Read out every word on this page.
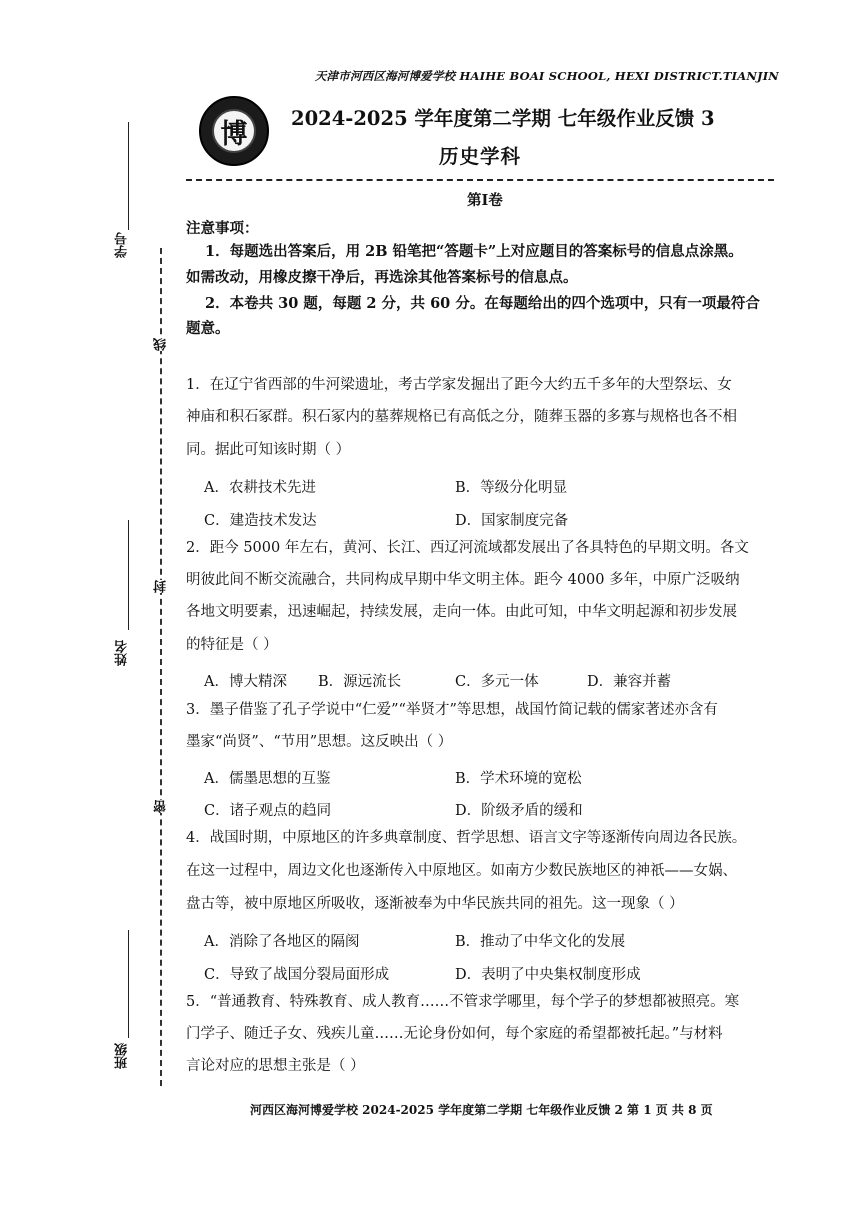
天津市河西区海河博爱学校 HAIHE BOAI SCHOOL, HEXI DISTRICT.TIANJIN
博	2024-2025 学年度第二学期 七年级作业反馈 3
历史学科
第Ⅰ卷
注意事项：
1．每题选出答案后，用 2B 铅笔把“答题卡”上对应题目的答案标号的信息点涂黑。
如需改动，用橡皮擦干净后，再选涂其他答案标号的信息点。
2．本卷共 30 题，每题 2 分，共 60 分。在每题给出的四个选项中，只有一项最符合
题意。
1．在辽宁省西部的牛河梁遗址，考古学家发掘出了距今大约五千多年的大型祭坛、女
神庙和积石冢群。积石冢内的墓葬规格已有高低之分，随葬玉器的多寡与规格也各不相
同。据此可知该时期（ ）
A．农耕技术先进	B．等级分化明显
C．建造技术发达	D．国家制度完备
2．距今 5000 年左右，黄河、长江、西辽河流域都发展出了各具特色的早期文明。各文
明彼此间不断交流融合，共同构成早期中华文明主体。距今 4000 多年，中原广泛吸纳
各地文明要素，迅速崛起，持续发展，走向一体。由此可知，中华文明起源和初步发展
的特征是（ ）
A．博大精深 B．源远流长	C．多元一体	D．兼容并蓄
3．墨子借鉴了孔子学说中“仁爱”“举贤才”等思想，战国竹简记载的儒家著述亦含有
墨家“尚贤”、“节用”思想。这反映出（ ）
A．儒墨思想的互鉴	B．学术环境的宽松
C．诸子观点的趋同	D．阶级矛盾的缓和
4．战国时期，中原地区的许多典章制度、哲学思想、语言文字等逐渐传向周边各民族。
在这一过程中，周边文化也逐渐传入中原地区。如南方少数民族地区的神祇——女娲、
盘古等，被中原地区所吸收，逐渐被奉为中华民族共同的祖先。这一现象（ ）
A．消除了各地区的隔阂	B．推动了中华文化的发展
C．导致了战国分裂局面形成	D．表明了中央集权制度形成
5．“普通教育、特殊教育、成人教育……不管求学哪里，每个学子的梦想都被照亮。寒
门学子、随迁子女、残疾儿童……无论身份如何，每个家庭的希望都被托起。”与材料
言论对应的思想主张是（ ）
学号
姓名
班级
线
封
密
河西区海河博爱学校 2024-2025 学年度第二学期 七年级作业反馈 2 第 1 页 共 8 页
